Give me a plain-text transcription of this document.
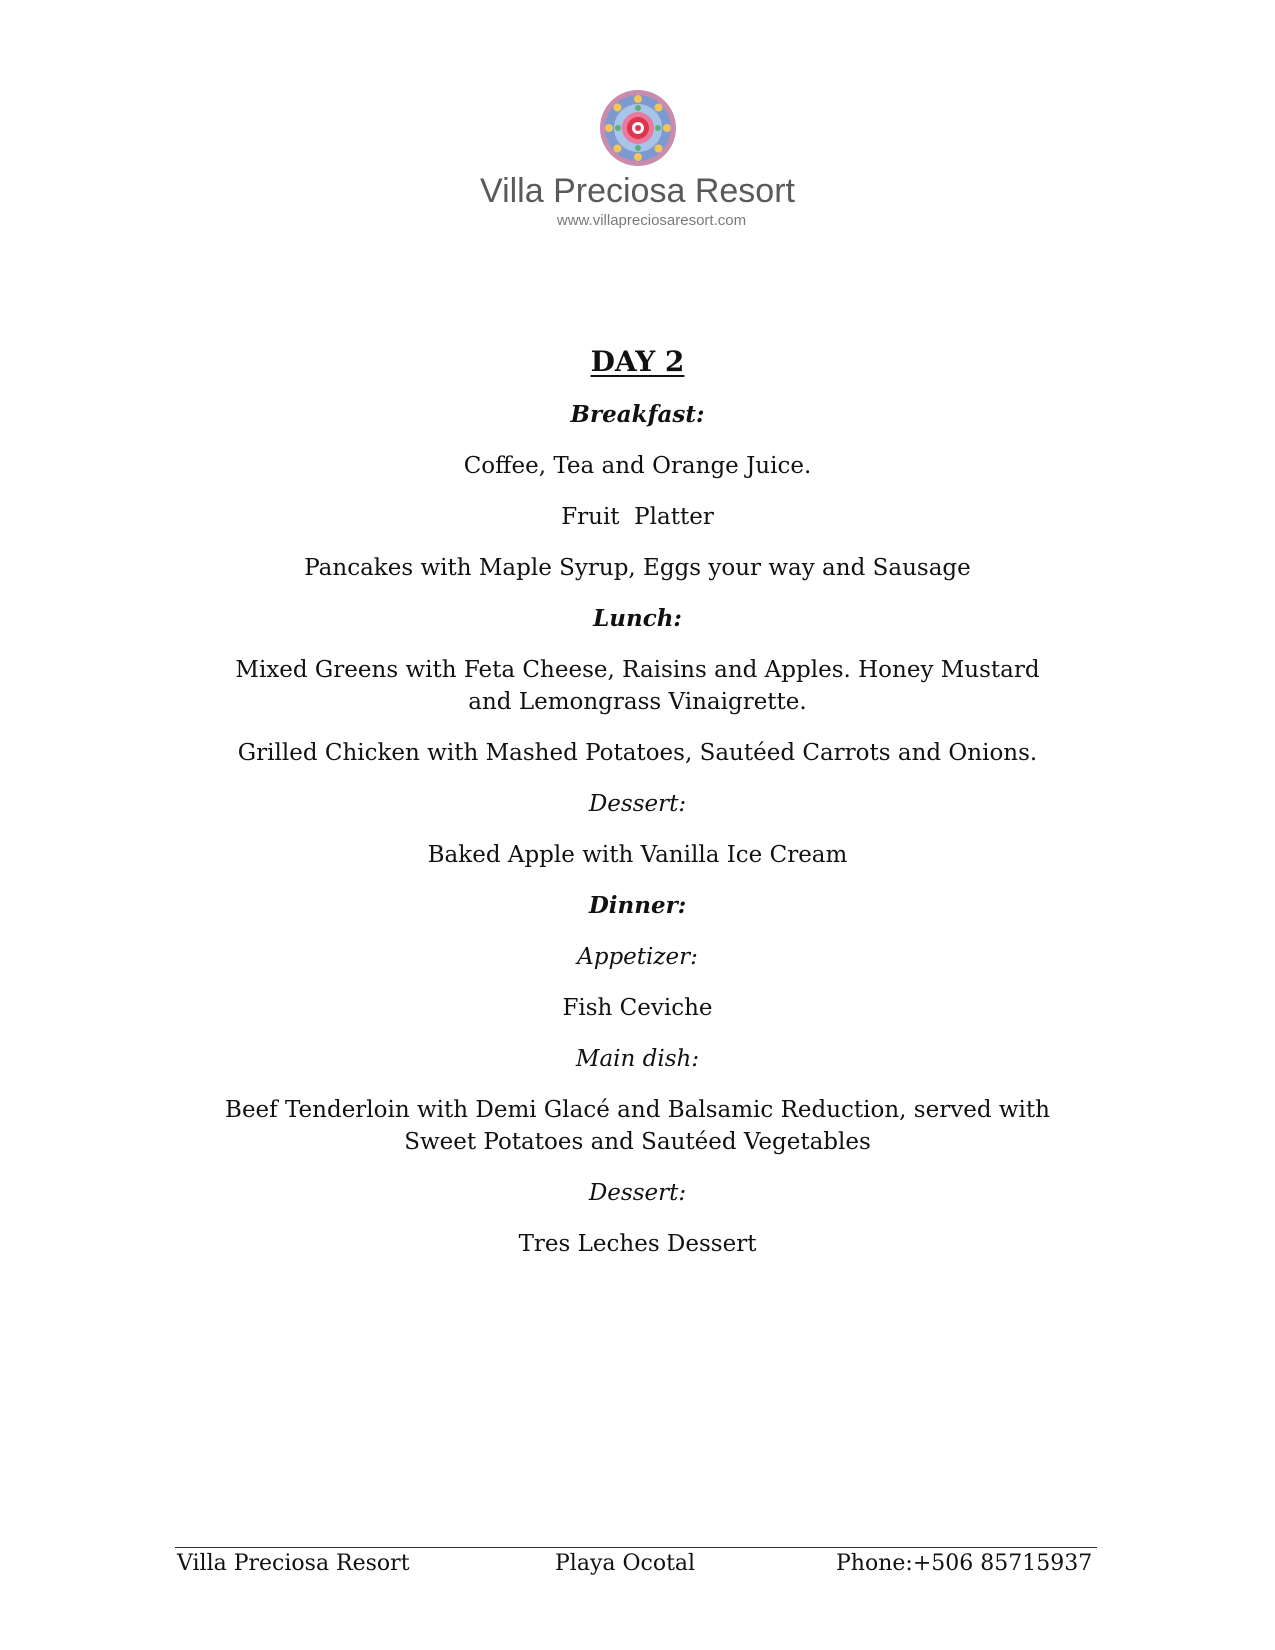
Villa Preciosa Resort
www.villapreciosaresort.com
DAY 2
Breakfast:
Coffee, Tea and Orange Juice.
Fruit  Platter
Pancakes with Maple Syrup, Eggs your way and Sausage
Lunch:
Mixed Greens with Feta Cheese, Raisins and Apples. Honey Mustard and Lemongrass Vinaigrette.
Grilled Chicken with Mashed Potatoes, Sautéed Carrots and Onions.
Dessert:
Baked Apple with Vanilla Ice Cream
Dinner:
Appetizer:
Fish Ceviche
Main dish:
Beef Tenderloin with Demi Glacé and Balsamic Reduction, served with Sweet Potatoes and Sautéed Vegetables
Dessert:
Tres Leches Dessert
Villa Preciosa Resort	Playa Ocotal	Phone:+506 85715937
